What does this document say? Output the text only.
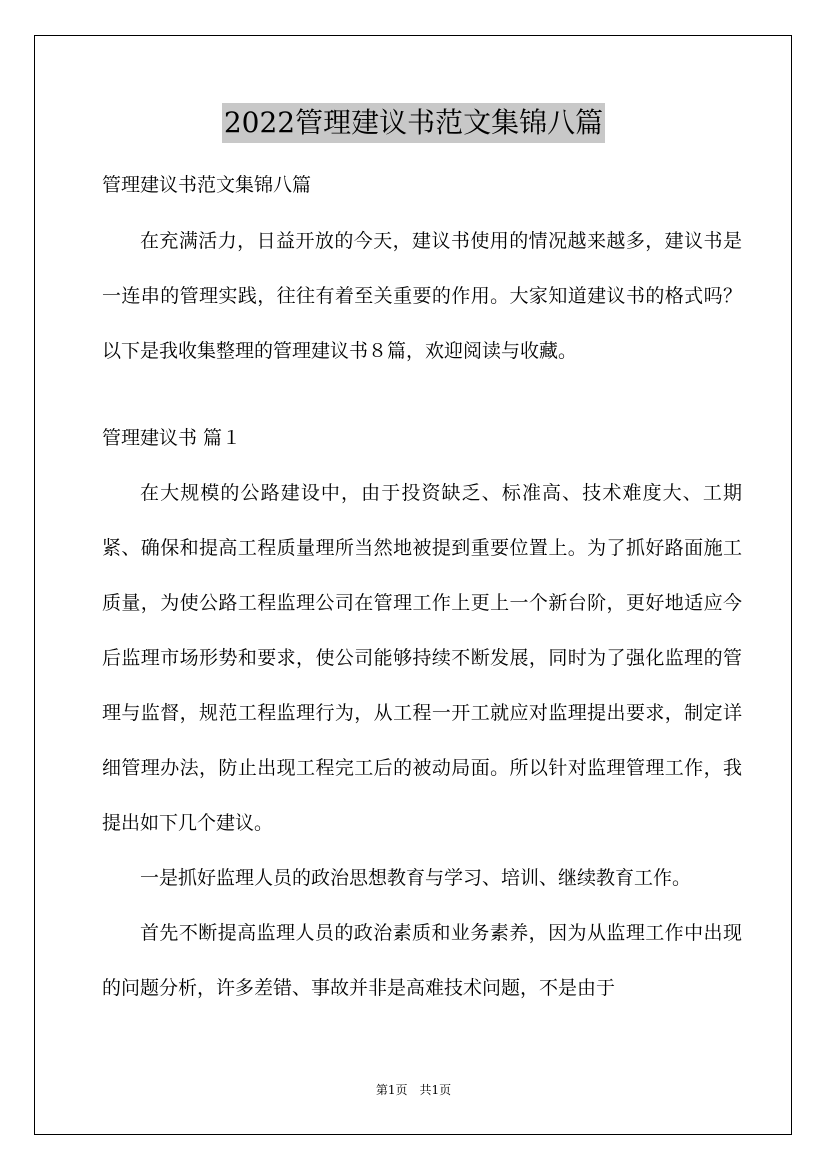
2022管理建议书范文集锦八篇

管理建议书范文集锦八篇

在充满活力，日益开放的今天，建议书使用的情况越来越多，建议书是一连串的管理实践，往往有着至关重要的作用。大家知道建议书的格式吗？以下是我收集整理的管理建议书８篇，欢迎阅读与收藏。

管理建议书 篇１

在大规模的公路建设中，由于投资缺乏、标准高、技术难度大、工期紧、确保和提高工程质量理所当然地被提到重要位置上。为了抓好路面施工质量，为使公路工程监理公司在管理工作上更上一个新台阶，更好地适应今后监理市场形势和要求，使公司能够持续不断发展，同时为了强化监理的管理与监督，规范工程监理行为，从工程一开工就应对监理提出要求，制定详细管理办法，防止出现工程完工后的被动局面。所以针对监理管理工作，我提出如下几个建议。

一是抓好监理人员的政治思想教育与学习、培训、继续教育工作。

首先不断提高监理人员的政治素质和业务素养，因为从监理工作中出现的问题分析，许多差错、事故并非是高难技术问题，不是由于

第1页　共1页
